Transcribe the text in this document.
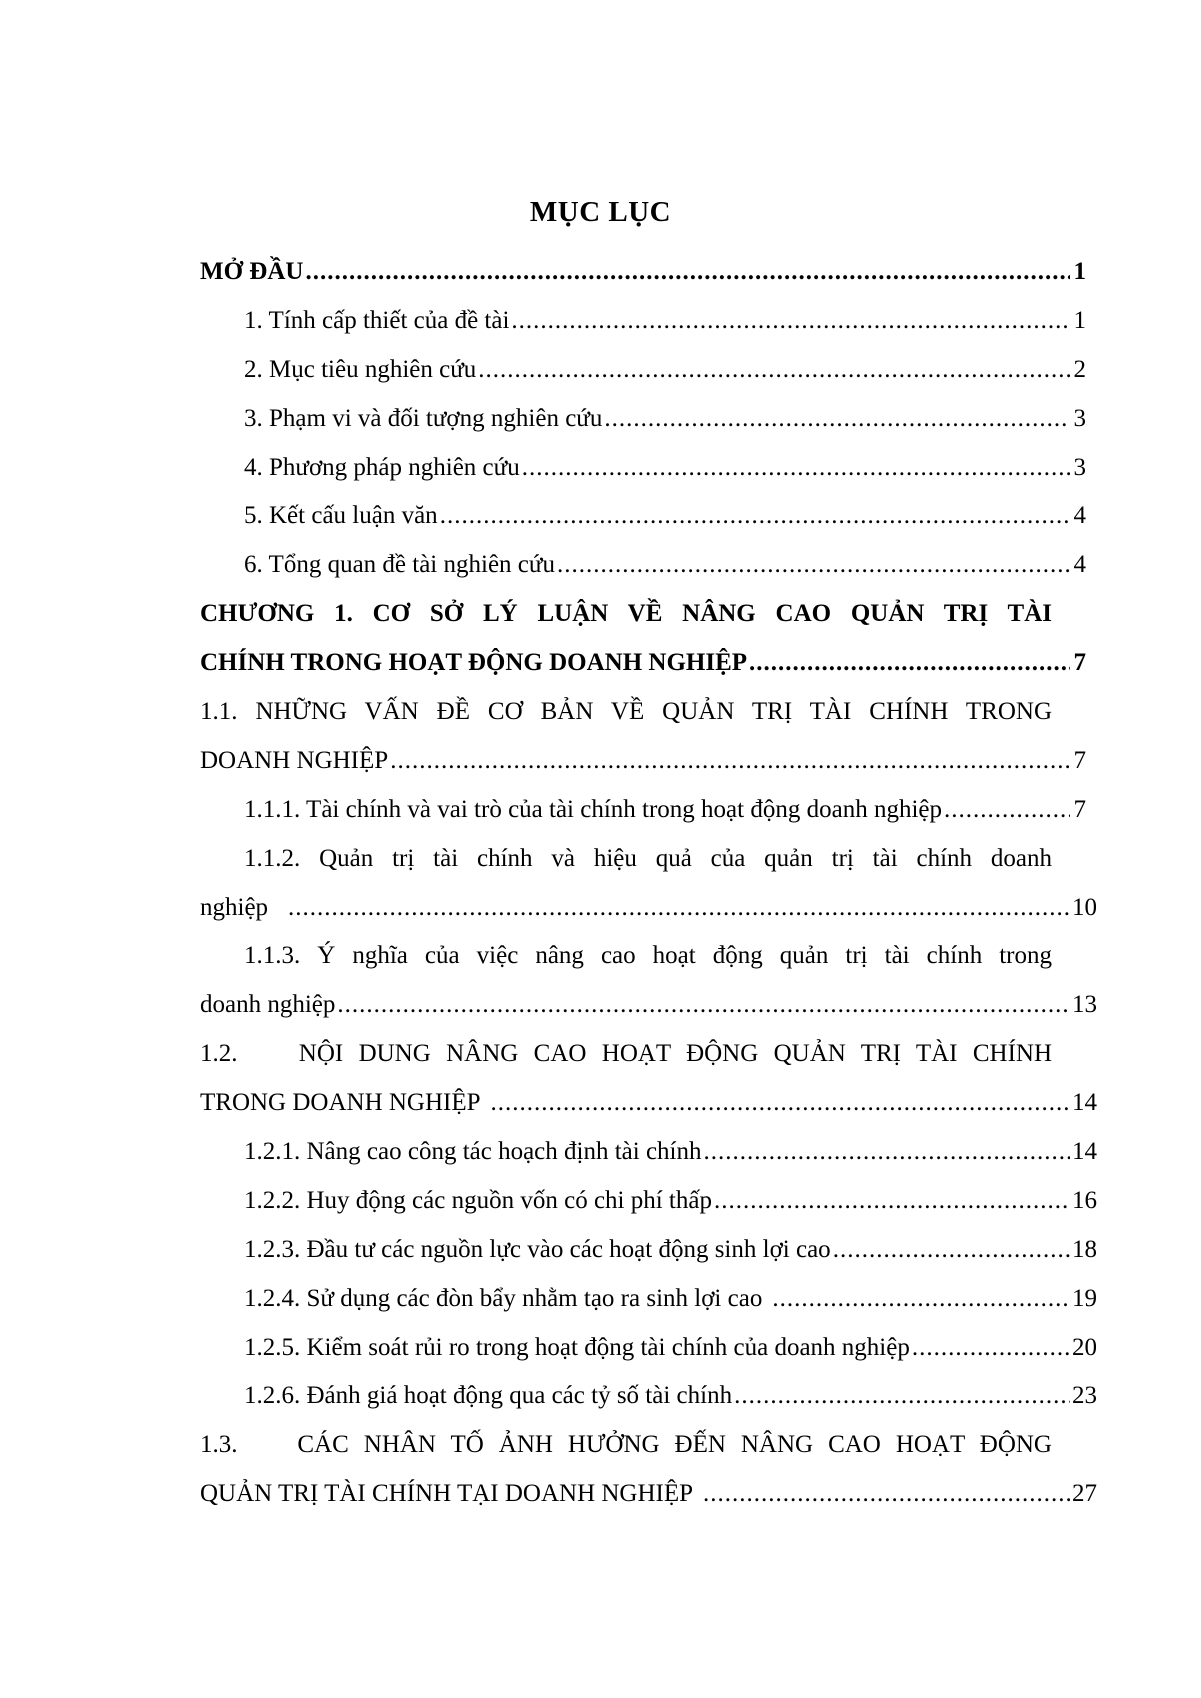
MỤC LỤC
MỞ ĐẦU .....	1
1. Tính cấp thiết của đề tài .....	1
2. Mục tiêu nghiên cứu .....	2
3. Phạm vi và đối tượng nghiên cứu .....	3
4. Phương pháp nghiên cứu .....	3
5. Kết cấu luận văn .....	4
6. Tổng quan đề tài nghiên cứu .....	4
CHƯƠNG 1. CƠ SỞ LÝ LUẬN VỀ NÂNG CAO QUẢN TRỊ TÀI
CHÍNH TRONG HOẠT ĐỘNG DOANH NGHIỆP .....	7
1.1. NHỮNG VẤN ĐỀ CƠ BẢN VỀ QUẢN TRỊ TÀI CHÍNH TRONG
DOANH NGHIỆP .....	7
1.1.1. Tài chính và vai trò của tài chính trong hoạt động doanh nghiệp .....	7
1.1.2. Quản trị tài chính và hiệu quả của quản trị tài chính doanh
nghiệp .....	10
1.1.3. Ý nghĩa của việc nâng cao hoạt động quản trị tài chính trong
doanh nghiệp .....	13
1.2.    NỘI DUNG NÂNG CAO HOẠT ĐỘNG QUẢN TRỊ TÀI CHÍNH
TRONG DOANH NGHIỆP .....	14
1.2.1. Nâng cao công tác hoạch định tài chính .....	14
1.2.2. Huy động các nguồn vốn có chi phí thấp .....	16
1.2.3. Đầu tư các nguồn lực vào các hoạt động sinh lợi cao .....	18
1.2.4. Sử dụng các đòn bẩy nhằm tạo ra sinh lợi cao .....	19
1.2.5. Kiểm soát rủi ro trong hoạt động tài chính của doanh nghiệp .....	20
1.2.6. Đánh giá hoạt động qua các tỷ số tài chính .....	23
1.3.    CÁC NHÂN TỐ ẢNH HƯỞNG ĐẾN NÂNG CAO HOẠT ĐỘNG
QUẢN TRỊ TÀI CHÍNH TẠI DOANH NGHIỆP .....	27
